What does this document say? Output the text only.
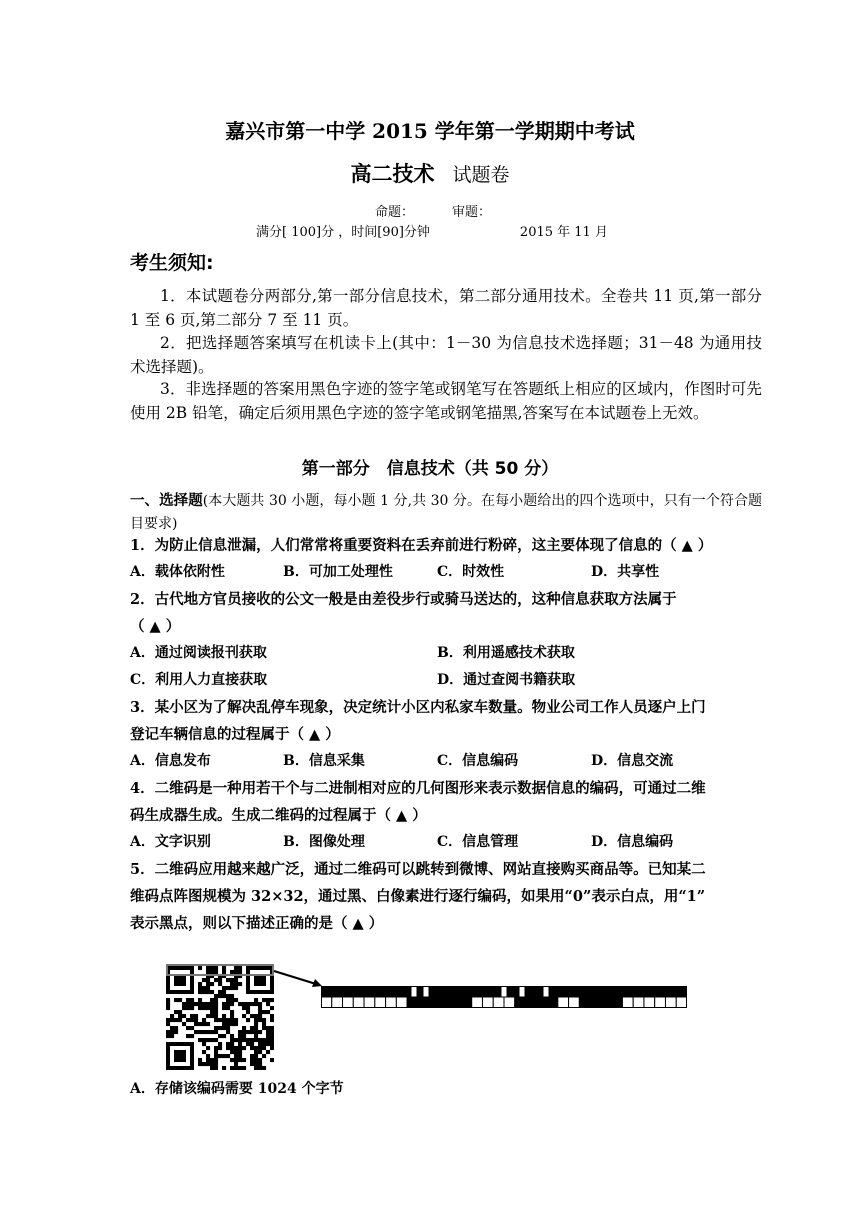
嘉兴市第一中学 2015 学年第一学期期中考试
高二技术 试题卷
命题：	审题：
满分[ 100]分 ，时间[90]分钟	2015 年 11 月
考生须知:
1．本试题卷分两部分,第一部分信息技术，第二部分通用技术。全卷共 11 页,第一部分 1 至 6 页,第二部分 7 至 11 页。
2．把选择题答案填写在机读卡上(其中：1－30 为信息技术选择题；31－48 为通用技术选择题)。
3．非选择题的答案用黑色字迹的签字笔或钢笔写在答题纸上相应的区域内，作图时可先使用 2B 铅笔，确定后须用黑色字迹的签字笔或钢笔描黑,答案写在本试题卷上无效。
第一部分　信息技术（共 50 分）
一、选择题(本大题共 30 小题，每小题 1 分,共 30 分。在每小题给出的四个选项中，只有一个符合题目要求)
1．为防止信息泄漏，人们常常将重要资料在丢弃前进行粉碎，这主要体现了信息的（ ▲ ）
A．载体依附性	B．可加工处理性	C．时效性	D．共享性
2．古代地方官员接收的公文一般是由差役步行或骑马送达的，这种信息获取方法属于
（ ▲ ）
A．通过阅读报刊获取	B．利用遥感技术获取
C．利用人力直接获取	D．通过查阅书籍获取
3．某小区为了解决乱停车现象，决定统计小区内私家车数量。物业公司工作人员逐户上门
登记车辆信息的过程属于（ ▲ ）
A．信息发布	B．信息采集	C．信息编码	D．信息交流
4．二维码是一种用若干个与二进制相对应的几何图形来表示数据信息的编码，可通过二维
码生成器生成。生成二维码的过程属于（ ▲ ）
A．文字识别	B．图像处理	C．信息管理	D．信息编码
5．二维码应用越来越广泛，通过二维码可以跳转到微博、网站直接购买商品等。已知某二
维码点阵图规模为 32×32，通过黑、白像素进行逐行编码，如果用“0”表示白点，用“1”
表示黑点，则以下描述正确的是（ ▲ ）
A．存储该编码需要 1024 个字节
